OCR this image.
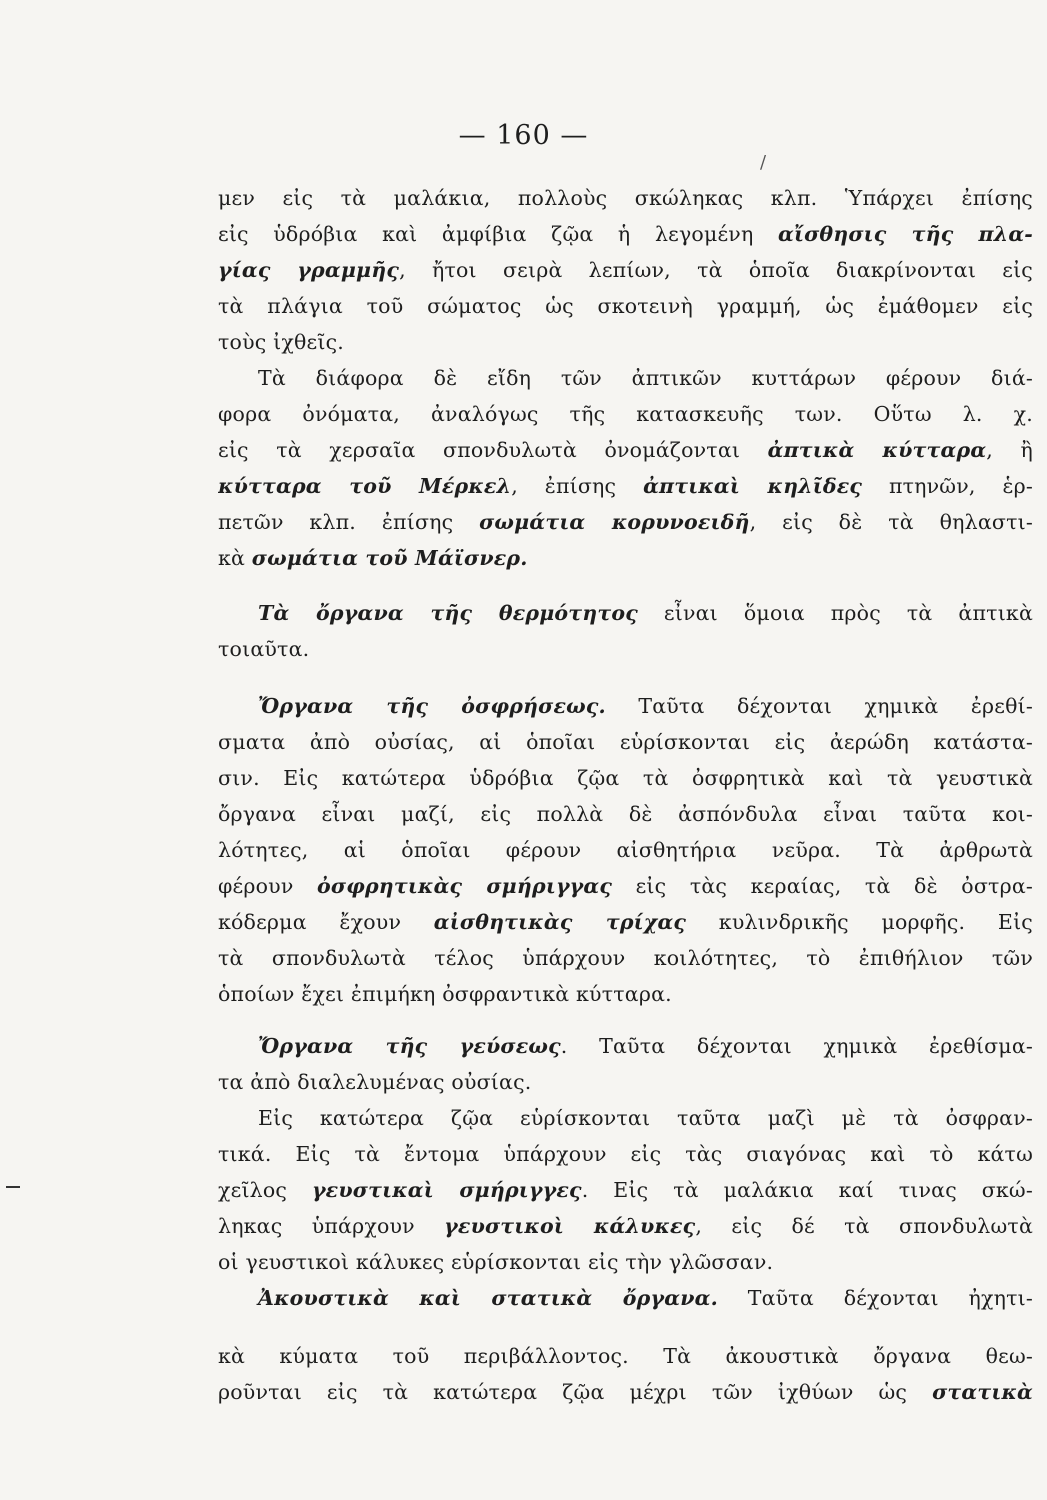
— 160 —
/
μεν εἰς τὰ μαλάκια, πολλοὺς σκώληκας κλπ. Ὑπάρχει ἐπίσης
εἰς ὑδρόβια καὶ ἀμφίβια ζῷα ἡ λεγομένη αἴσθησις τῆς πλα-
γίας γραμμῆς, ἤτοι σειρὰ λεπίων, τὰ ὁποῖα διακρίνονται εἰς
τὰ πλάγια τοῦ σώματος ὡς σκοτεινὴ γραμμή, ὡς ἐμάθομεν εἰς
τοὺς ἰχθεῖς.
Τὰ διάφορα δὲ εἴδη τῶν ἀπτικῶν κυττάρων φέρουν διά-
φορα ὀνόματα, ἀναλόγως τῆς κατασκευῆς των. Οὕτω λ. χ.
εἰς τὰ χερσαῖα σπονδυλωτὰ ὀνομάζονται ἀπτικὰ κύτταρα, ἢ
κύτταρα τοῦ Μέρκελ, ἐπίσης ἀπτικαὶ κηλῖδες πτηνῶν, ἑρ-
πετῶν κλπ. ἐπίσης σωμάτια κορυνοειδῆ, εἰς δὲ τὰ θηλαστι-
κὰ σωμάτια τοῦ Μάϊσνερ.
Τὰ ὄργανα τῆς θερμότητος εἶναι ὅμοια πρὸς τὰ ἀπτικὰ
τοιαῦτα.
Ὄργανα τῆς ὀσφρήσεως. Ταῦτα δέχονται χημικὰ ἐρεθί-
σματα ἀπὸ οὐσίας, αἱ ὁποῖαι εὑρίσκονται εἰς ἀερώδη κατάστα-
σιν. Εἰς κατώτερα ὑδρόβια ζῷα τὰ ὀσφρητικὰ καὶ τὰ γευστικὰ
ὄργανα εἶναι μαζί, εἰς πολλὰ δὲ ἀσπόνδυλα εἶναι ταῦτα κοι-
λότητες, αἱ ὁποῖαι φέρουν αἰσθητήρια νεῦρα. Τὰ ἀρθρωτὰ
φέρουν ὀσφρητικὰς σμήριγγας εἰς τὰς κεραίας, τὰ δὲ ὀστρα-
κόδερμα ἔχουν αἰσθητικὰς τρίχας κυλινδρικῆς μορφῆς. Εἰς
τὰ σπονδυλωτὰ τέλος ὑπάρχουν κοιλότητες, τὸ ἐπιθήλιον τῶν
ὁποίων ἔχει ἐπιμήκη ὀσφραντικὰ κύτταρα.
Ὄργανα τῆς γεύσεως. Ταῦτα δέχονται χημικὰ ἐρεθίσμα-
τα ἀπὸ διαλελυμένας οὐσίας.
Εἰς κατώτερα ζῷα εὑρίσκονται ταῦτα μαζὶ μὲ τὰ ὀσφραν-
τικά. Εἰς τὰ ἔντομα ὑπάρχουν εἰς τὰς σιαγόνας καὶ τὸ κάτω
χεῖλος γευστικαὶ σμήριγγες. Εἰς τὰ μαλάκια καί τινας σκώ-
ληκας ὑπάρχουν γευστικοὶ κάλυκες, εἰς δέ τὰ σπονδυλωτὰ
οἱ γευστικοὶ κάλυκες εὑρίσκονται εἰς τὴν γλῶσσαν.
Ἀκουστικὰ καὶ στατικὰ ὄργανα. Ταῦτα δέχονται ἠχητι-
κὰ κύματα τοῦ περιβάλλοντος. Τὰ ἀκουστικὰ ὄργανα θεω-
ροῦνται εἰς τὰ κατώτερα ζῷα μέχρι τῶν ἰχθύων ὡς στατικὰ
